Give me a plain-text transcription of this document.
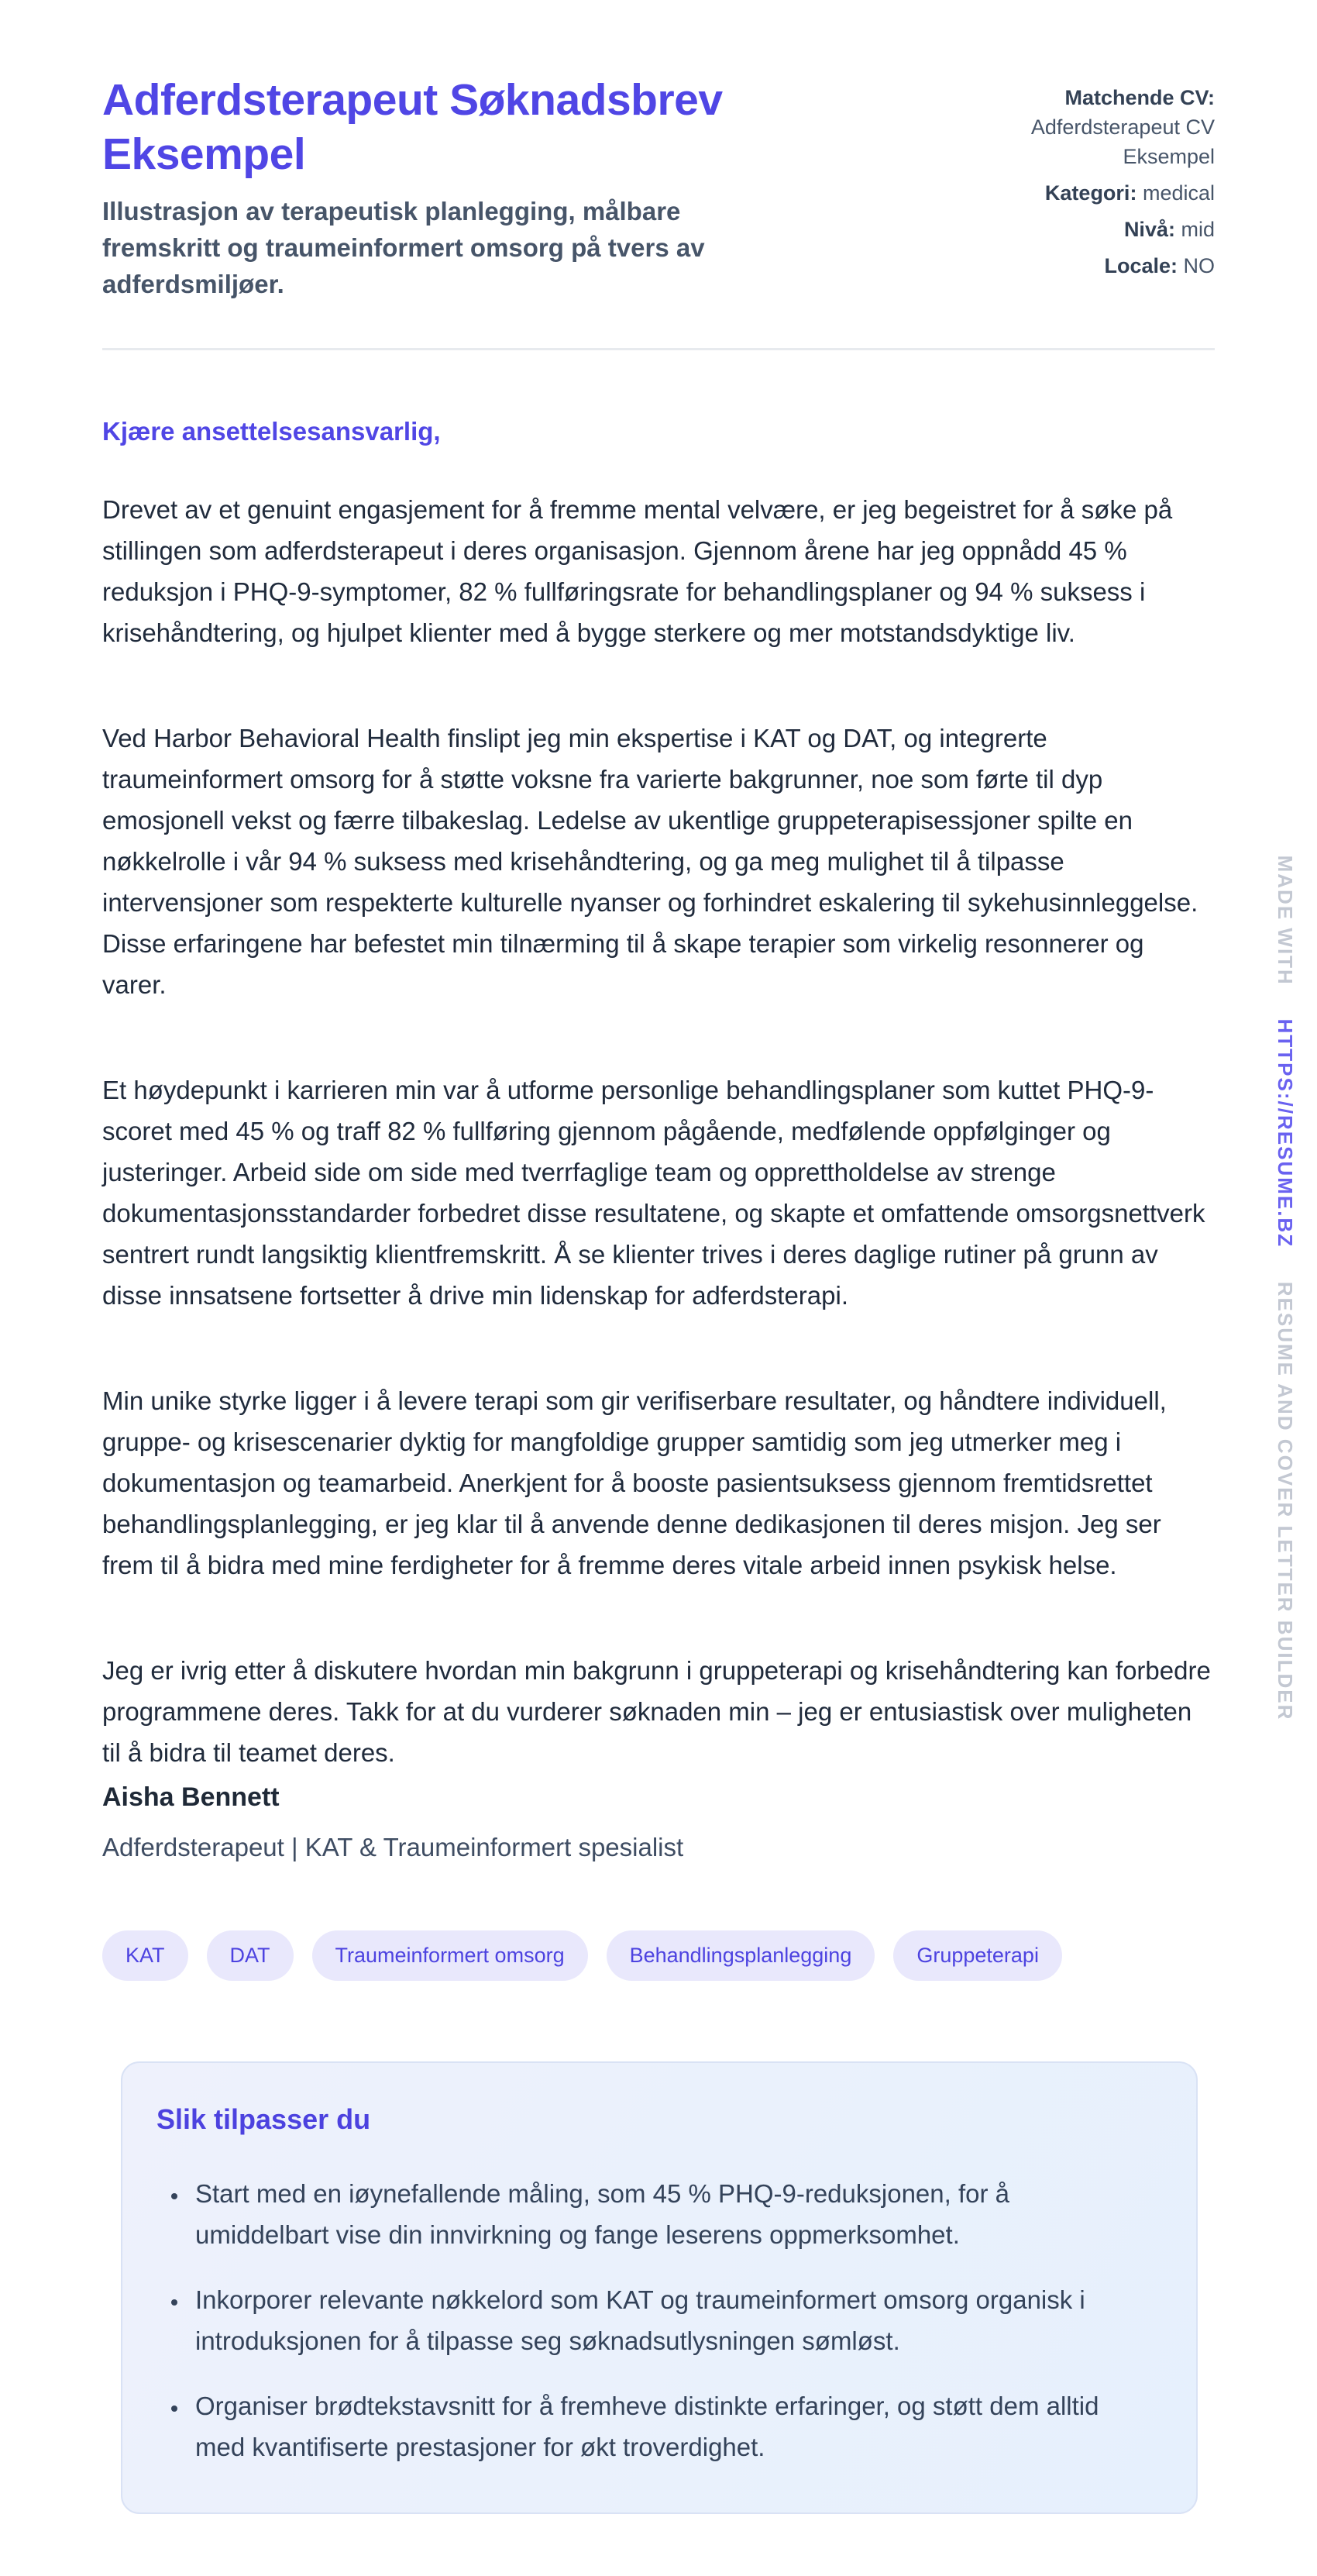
Adferdsterapeut Søknadsbrev Eksempel

Illustrasjon av terapeutisk planlegging, målbare fremskritt og traumeinformert omsorg på tvers av adferdsmiljøer.

Matchende CV: Adferdsterapeut CV Eksempel
Kategori: medical
Nivå: mid
Locale: NO

Kjære ansettelsesansvarlig,

Drevet av et genuint engasjement for å fremme mental velvære, er jeg begeistret for å søke på stillingen som adferdsterapeut i deres organisasjon. Gjennom årene har jeg oppnådd 45 % reduksjon i PHQ-9-symptomer, 82 % fullføringsrate for behandlingsplaner og 94 % suksess i krisehåndtering, og hjulpet klienter med å bygge sterkere og mer motstandsdyktige liv.

Ved Harbor Behavioral Health finslipt jeg min ekspertise i KAT og DAT, og integrerte traumeinformert omsorg for å støtte voksne fra varierte bakgrunner, noe som førte til dyp emosjonell vekst og færre tilbakeslag. Ledelse av ukentlige gruppeterapisessjoner spilte en nøkkelrolle i vår 94 % suksess med krisehåndtering, og ga meg mulighet til å tilpasse intervensjoner som respekterte kulturelle nyanser og forhindret eskalering til sykehusinnleggelse. Disse erfaringene har befestet min tilnærming til å skape terapier som virkelig resonnerer og varer.

Et høydepunkt i karrieren min var å utforme personlige behandlingsplaner som kuttet PHQ-9-scoret med 45 % og traff 82 % fullføring gjennom pågående, medfølende oppfølginger og justeringer. Arbeid side om side med tverrfaglige team og opprettholdelse av strenge dokumentasjonsstandarder forbedret disse resultatene, og skapte et omfattende omsorgsnettverk sentrert rundt langsiktig klientfremskritt. Å se klienter trives i deres daglige rutiner på grunn av disse innsatsene fortsetter å drive min lidenskap for adferdsterapi.

Min unike styrke ligger i å levere terapi som gir verifiserbare resultater, og håndtere individuell, gruppe- og krisescenarier dyktig for mangfoldige grupper samtidig som jeg utmerker meg i dokumentasjon og teamarbeid. Anerkjent for å booste pasientsuksess gjennom fremtidsrettet behandlingsplanlegging, er jeg klar til å anvende denne dedikasjonen til deres misjon. Jeg ser frem til å bidra med mine ferdigheter for å fremme deres vitale arbeid innen psykisk helse.

Jeg er ivrig etter å diskutere hvordan min bakgrunn i gruppeterapi og krisehåndtering kan forbedre programmene deres. Takk for at du vurderer søknaden min – jeg er entusiastisk over muligheten til å bidra til teamet deres.

Aisha Bennett

Adferdsterapeut | KAT & Traumeinformert spesialist

KAT	DAT	Traumeinformert omsorg	Behandlingsplanlegging	Gruppeterapi
Slik tilpasser du
• Start med en iøynefallende måling, som 45 % PHQ-9-reduksjonen, for å umiddelbart vise din innvirkning og fange leserens oppmerksomhet.
• Inkorporer relevante nøkkelord som KAT og traumeinformert omsorg organisk i introduksjonen for å tilpasse seg søknadsutlysningen sømløst.
• Organiser brødtekstavsnitt for å fremheve distinkte erfaringer, og støtt dem alltid med kvantifiserte prestasjoner for økt troverdighet.
MADE WITH HTTPS://RESUME.BZ RESUME AND COVER LETTER BUILDER
